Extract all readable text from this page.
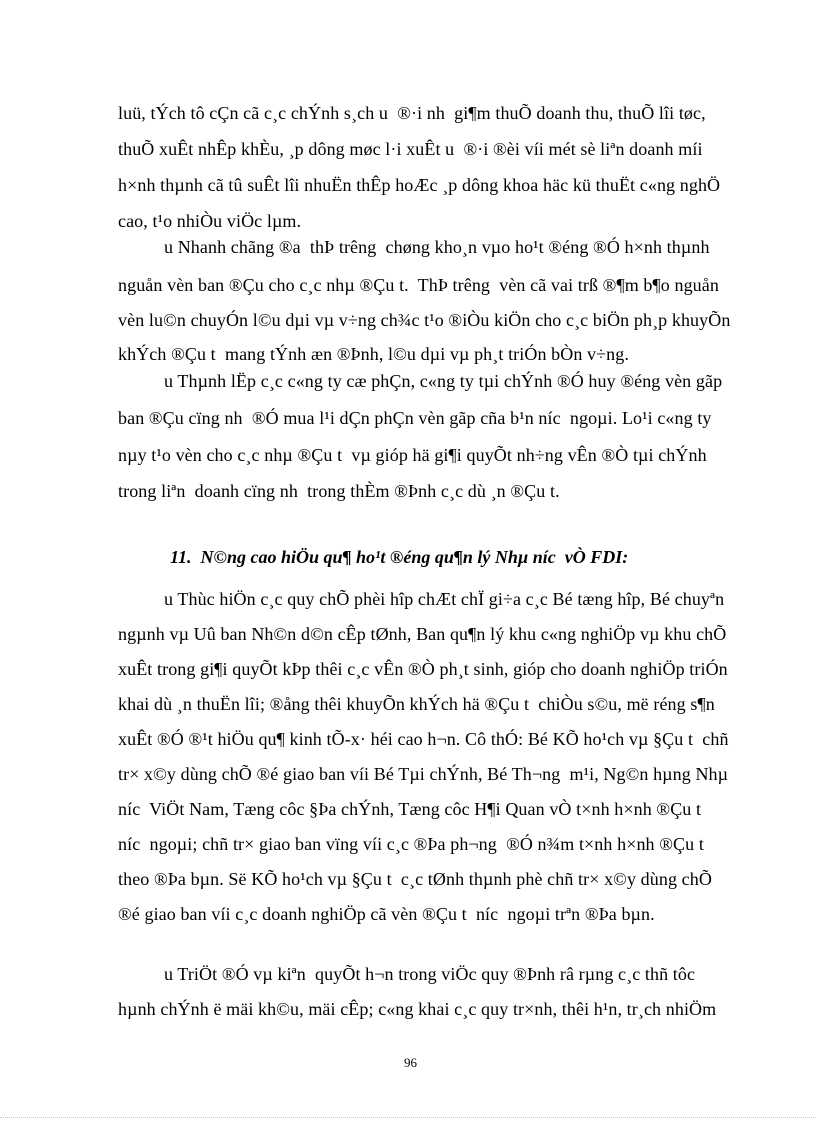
luü, tÝch tô cÇn cã c¸c chÝnh s¸ch u  ®·i nh  gi¶m thuÕ doanh thu, thuÕ lîi tøc,
thuÕ xuÊt nhÊp khÈu, ¸p dông møc l·i xuÊt u  ®·i ®èi víi mét sè liªn doanh míi
h×nh thµnh cã tû suÊt lîi nhuËn thÊp hoÆc ¸p dông khoa häc kü thuËt c«ng nghÖ
cao, t¹o nhiÒu viÖc lµm.
u Nhanh chãng ®a  thÞ trêng  chøng kho¸n vµo ho¹t ®éng ®Ó h×nh thµnh
nguån vèn ban ®Çu cho c¸c nhµ ®Çu t.  ThÞ trêng  vèn cã vai trß ®¶m b¶o nguån
vèn lu©n chuyÓn l©u dµi vµ v÷ng ch¾c t¹o ®iÒu kiÖn cho c¸c biÖn ph¸p khuyÕn
khÝch ®Çu t  mang tÝnh æn ®Þnh, l©u dµi vµ ph¸t triÓn bÒn v÷ng.
u Thµnh lËp c¸c c«ng ty cæ phÇn, c«ng ty tµi chÝnh ®Ó huy ®éng vèn gãp
ban ®Çu cïng nh  ®Ó mua l¹i dÇn phÇn vèn gãp cña b¹n níc  ngoµi. Lo¹i c«ng ty
nµy t¹o vèn cho c¸c nhµ ®Çu t  vµ gióp hä gi¶i quyÕt nh÷ng vÊn ®Ò tµi chÝnh
trong liªn  doanh cïng nh  trong thÈm ®Þnh c¸c dù ¸n ®Çu t.
11.  N©ng cao hiÖu qu¶ ho¹t ®éng qu¶n lý Nhµ níc  vÒ FDI:
u Thùc hiÖn c¸c quy chÕ phèi hîp chÆt chÏ gi÷a c¸c Bé tæng hîp, Bé chuyªn
ngµnh vµ Uû ban Nh©n d©n cÊp tØnh, Ban qu¶n lý khu c«ng nghiÖp vµ khu chÕ
xuÊt trong gi¶i quyÕt kÞp thêi c¸c vÊn ®Ò ph¸t sinh, gióp cho doanh nghiÖp triÓn
khai dù ¸n thuËn lîi; ®ång thêi khuyÕn khÝch hä ®Çu t  chiÒu s©u, më réng s¶n
xuÊt ®Ó ®¹t hiÖu qu¶ kinh tÕ-x· héi cao h¬n. Cô thÓ: Bé KÕ ho¹ch vµ §Çu t  chñ
tr× x©y dùng chÕ ®é giao ban víi Bé Tµi chÝnh, Bé Th¬ng  m¹i, Ng©n hµng Nhµ
níc  ViÖt Nam, Tæng côc §Þa chÝnh, Tæng côc H¶i Quan vÒ t×nh h×nh ®Çu t
níc  ngoµi; chñ tr× giao ban vïng víi c¸c ®Þa ph¬ng  ®Ó n¾m t×nh h×nh ®Çu t
theo ®Þa bµn. Së KÕ ho¹ch vµ §Çu t  c¸c tØnh thµnh phè chñ tr× x©y dùng chÕ
®é giao ban víi c¸c doanh nghiÖp cã vèn ®Çu t  níc  ngoµi trªn ®Þa bµn.
u TriÖt ®Ó vµ kiªn  quyÕt h¬n trong viÖc quy ®Þnh râ rµng c¸c thñ tôc
hµnh chÝnh ë mäi kh©u, mäi cÊp; c«ng khai c¸c quy tr×nh, thêi h¹n, tr¸ch nhiÖm
96
